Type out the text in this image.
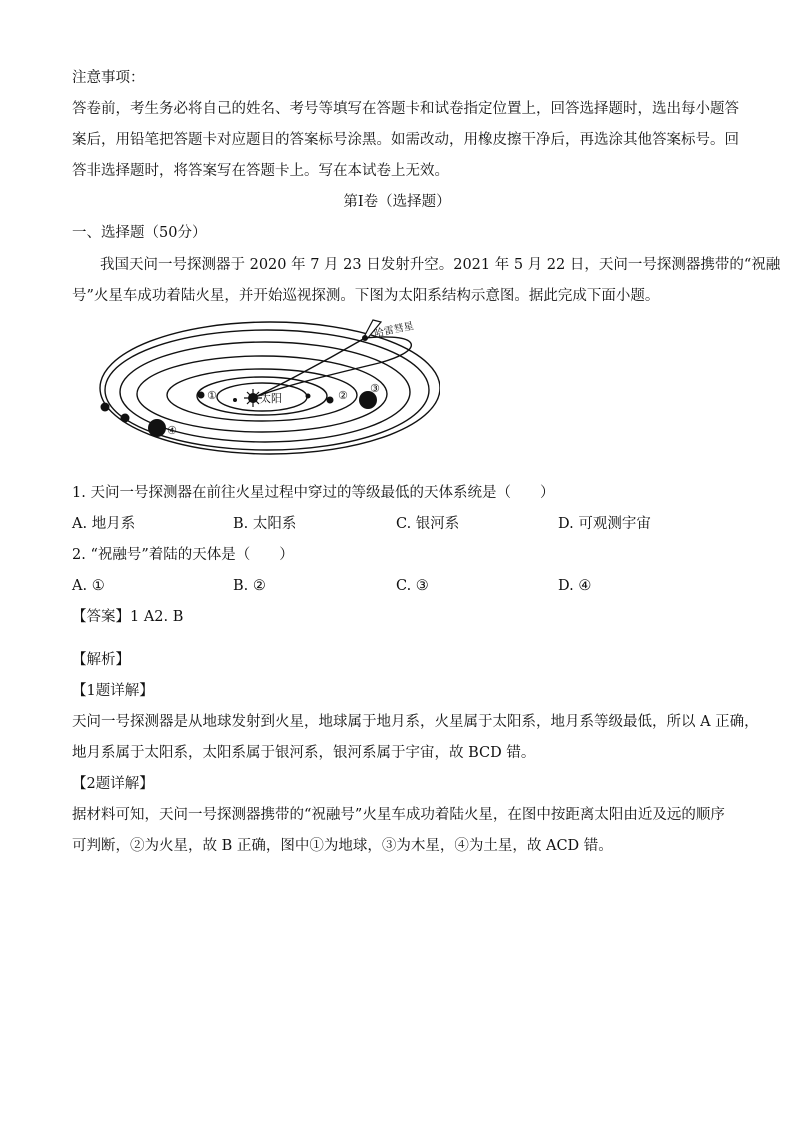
注意事项：
答卷前，考生务必将自己的姓名、考号等填写在答题卡和试卷指定位置上，回答选择题时，选出每小题答
案后，用铅笔把答题卡对应题目的答案标号涂黑。如需改动，用橡皮擦干净后，再选涂其他答案标号。回
答非选择题时，将答案写在答题卡上。写在本试卷上无效。
第Ⅰ卷（选择题）
一、选择题（50分）
我国天问一号探测器于 2020 年 7 月 23 日发射升空。2021 年 5 月 22 日，天问一号探测器携带的“祝融
号”火星车成功着陆火星，并开始巡视探测。下图为太阳系结构示意图。据此完成下面小题。
哈雷彗星
太阳
①	②
③
④
1. 天问一号探测器在前往火星过程中穿过的等级最低的天体系统是（　　）
A. 地月系	B. 太阳系	C. 银河系	D. 可观测宇宙
2. “祝融号”着陆的天体是（　　）
A. ①	B. ②	C. ③	D. ④
【答案】1 A2. B
【解析】
【1题详解】
天问一号探测器是从地球发射到火星，地球属于地月系，火星属于太阳系，地月系等级最低，所以 A 正确，
地月系属于太阳系，太阳系属于银河系，银河系属于宇宙，故 BCD 错。
【2题详解】
据材料可知，天问一号探测器携带的“祝融号”火星车成功着陆火星，在图中按距离太阳由近及远的顺序
可判断，②为火星，故 B 正确，图中①为地球，③为木星，④为土星，故 ACD 错。
